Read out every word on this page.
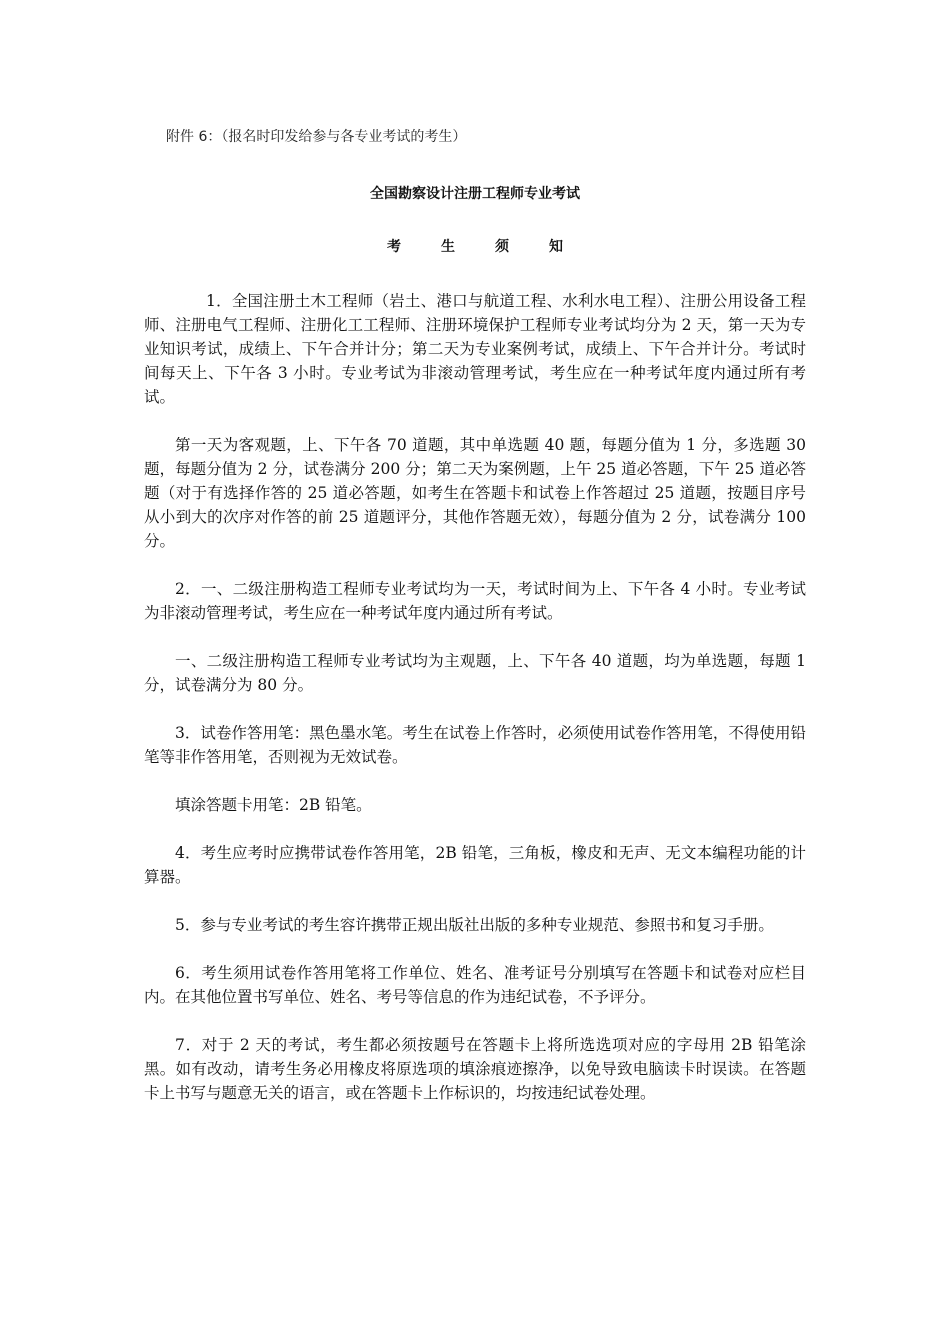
附件 6：（报名时印发给参与各专业考试的考生）
全国勘察设计注册工程师专业考试
考生须知

1．全国注册土木工程师（岩土、港口与航道工程、水利水电工程）、注册公用设备工程师、注册电气工程师、注册化工工程师、注册环境保护工程师专业考试均分为 2 天，第一天为专业知识考试，成绩上、下午合并计分；第二天为专业案例考试，成绩上、下午合并计分。考试时间每天上、下午各 3 小时。专业考试为非滚动管理考试，考生应在一种考试年度内通过所有考试。

第一天为客观题，上、下午各 70 道题，其中单选题 40 题，每题分值为 1 分，多选题 30 题，每题分值为 2 分，试卷满分 200 分；第二天为案例题，上午 25 道必答题，下午 25 道必答题（对于有选择作答的 25 道必答题，如考生在答题卡和试卷上作答超过 25 道题，按题目序号从小到大的次序对作答的前 25 道题评分，其他作答题无效），每题分值为 2 分，试卷满分 100 分。

2．一、二级注册构造工程师专业考试均为一天，考试时间为上、下午各 4 小时。专业考试为非滚动管理考试，考生应在一种考试年度内通过所有考试。

一、二级注册构造工程师专业考试均为主观题，上、下午各 40 道题，均为单选题，每题 1 分，试卷满分为 80 分。

3．试卷作答用笔：黑色墨水笔。考生在试卷上作答时，必须使用试卷作答用笔，不得使用铅笔等非作答用笔，否则视为无效试卷。

填涂答题卡用笔：2B 铅笔。

4．考生应考时应携带试卷作答用笔，2B 铅笔，三角板，橡皮和无声、无文本编程功能的计算器。

5．参与专业考试的考生容许携带正规出版社出版的多种专业规范、参照书和复习手册。

6．考生须用试卷作答用笔将工作单位、姓名、准考证号分别填写在答题卡和试卷对应栏目内。在其他位置书写单位、姓名、考号等信息的作为违纪试卷，不予评分。

7．对于 2 天的考试，考生都必须按题号在答题卡上将所选选项对应的字母用 2B 铅笔涂黑。如有改动，请考生务必用橡皮将原选项的填涂痕迹擦净，以免导致电脑读卡时误读。在答题卡上书写与题意无关的语言，或在答题卡上作标识的，均按违纪试卷处理。
